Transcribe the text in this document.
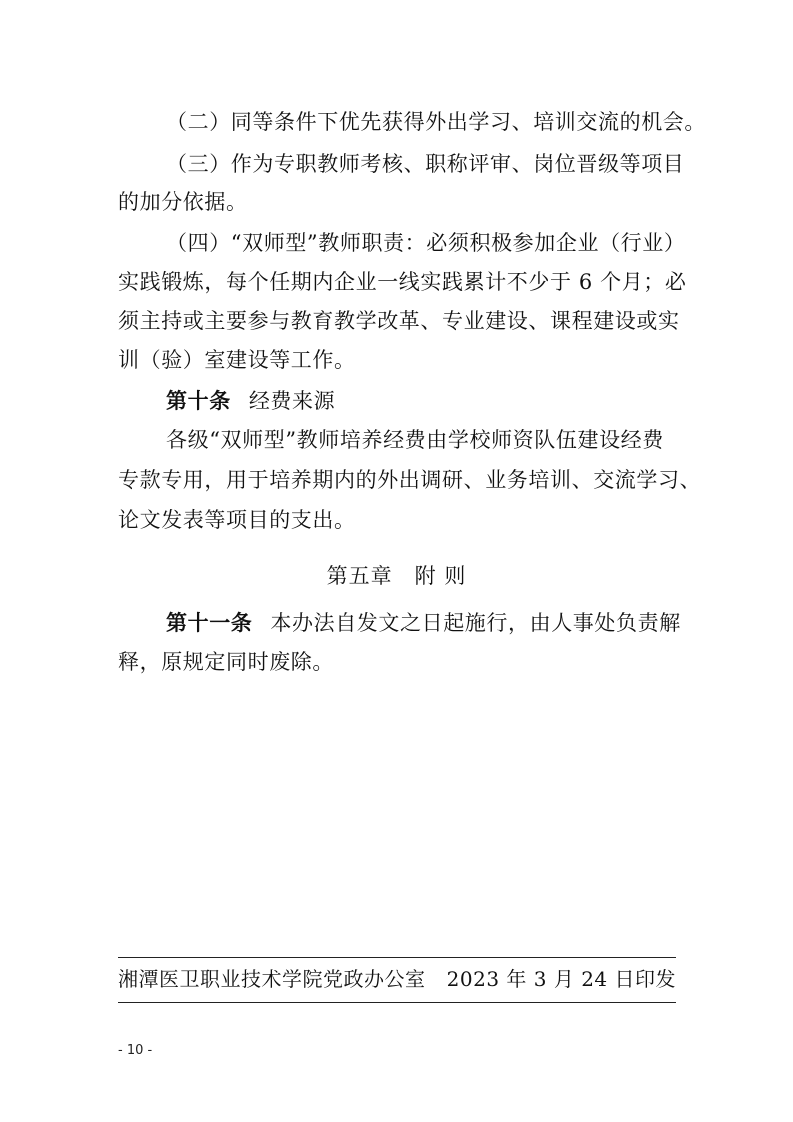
（二）同等条件下优先获得外出学习、培训交流的机会。
（三）作为专职教师考核、职称评审、岗位晋级等项目
的加分依据。
（四）“双师型”教师职责：必须积极参加企业（行业）
实践锻炼，每个任期内企业一线实践累计不少于 6 个月；必
须主持或主要参与教育教学改革、专业建设、课程建设或实
训（验）室建设等工作。
第十条 经费来源
各级“双师型”教师培养经费由学校师资队伍建设经费
专款专用，用于培养期内的外出调研、业务培训、交流学习、
论文发表等项目的支出。
第五章 附 则
第十一条 本办法自发文之日起施行，由人事处负责解
释，原规定同时废除。
湘潭医卫职业技术学院党政办公室 2023 年 3 月 24 日印发
- 10 -
